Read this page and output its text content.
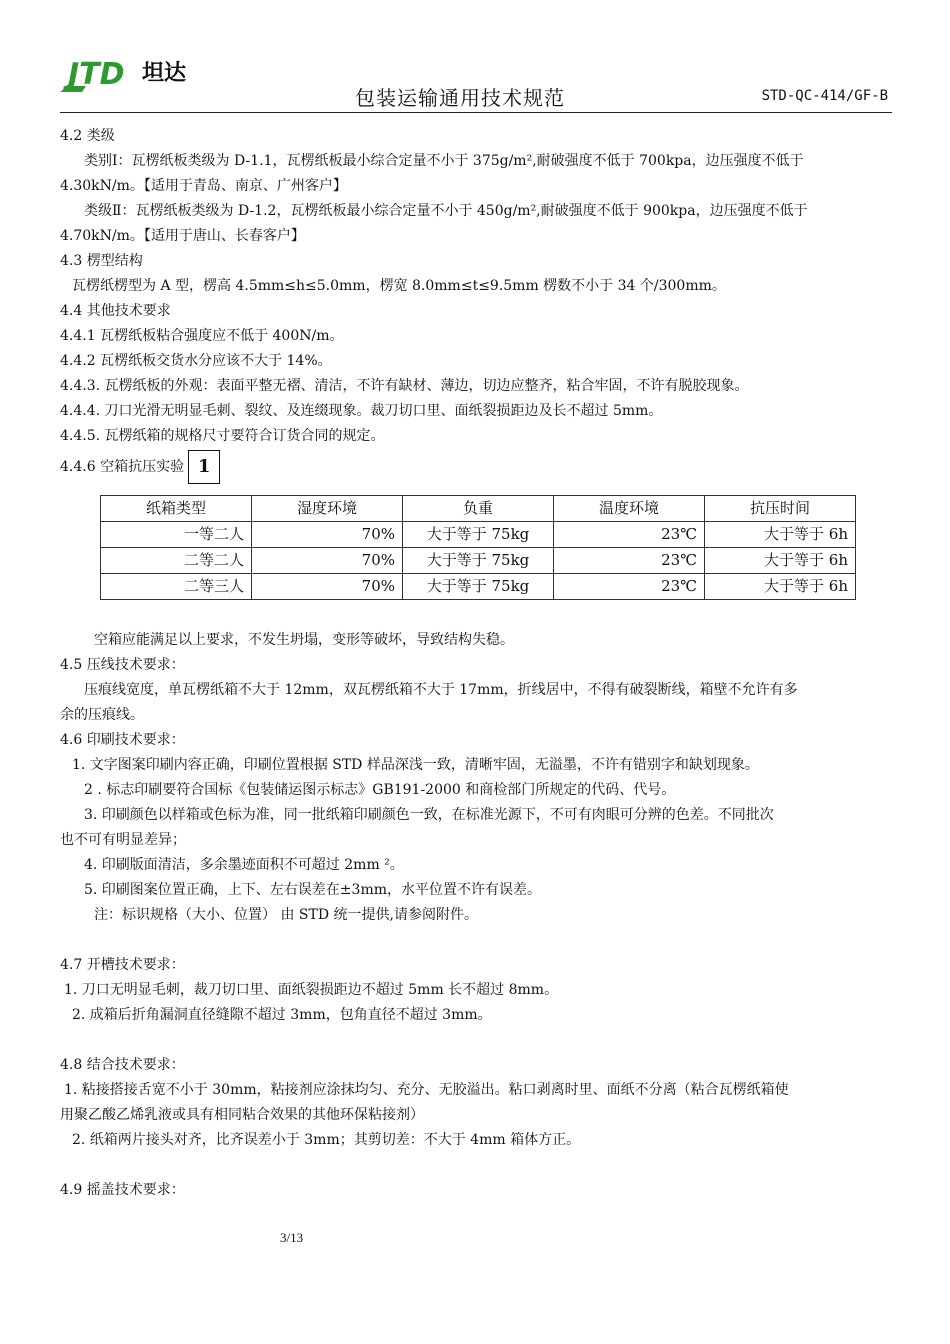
JTD 坦达
包装运输通用技术规范	STD-QC-414/GF-B

4.2 类级

类别Ⅰ：瓦楞纸板类级为 D-1.1，瓦楞纸板最小综合定量不小于 375g/m²,耐破强度不低于 700kpa，边压强度不低于

4.30kN/m。【适用于青岛、南京、广州客户】

类级Ⅱ：瓦楞纸板类级为 D-1.2，瓦楞纸板最小综合定量不小于 450g/m²,耐破强度不低于 900kpa，边压强度不低于

4.70kN/m。【适用于唐山、长春客户】

4.3 楞型结构

瓦楞纸楞型为 A 型，楞高 4.5mm≤h≤5.0mm，楞宽 8.0mm≤t≤9.5mm 楞数不小于 34 个/300mm。

4.4 其他技术要求

4.4.1 瓦楞纸板粘合强度应不低于 400N/m。

4.4.2 瓦楞纸板交货水分应该不大于 14%。

4.4.3. 瓦楞纸板的外观：表面平整无褶、清洁，不许有缺材、薄边，切边应整齐，粘合牢固，不许有脱胶现象。

4.4.4. 刀口光滑无明显毛刺、裂纹、及连缀现象。裁刀切口里、面纸裂损距边及长不超过 5mm。

4.4.5. 瓦楞纸箱的规格尺寸要符合订货合同的规定。

4.4.6 空箱抗压实验 1
纸箱类型	湿度环境	负重	温度环境	抗压时间
一等二人	70%	大于等于 75kg	23℃	大于等于 6h
二等二人	70%	大于等于 75kg	23℃	大于等于 6h
二等三人	70%	大于等于 75kg	23℃	大于等于 6h

空箱应能满足以上要求，不发生坍塌，变形等破坏，导致结构失稳。

4.5 压线技术要求：

压痕线宽度，单瓦楞纸箱不大于 12mm，双瓦楞纸箱不大于 17mm，折线居中，不得有破裂断线，箱壁不允许有多

余的压痕线。

4.6 印刷技术要求：

1. 文字图案印刷内容正确，印刷位置根据 STD 样品深浅一致，清晰牢固，无溢墨，不许有错别字和缺划现象。

2 . 标志印刷要符合国标《包装储运图示标志》GB191-2000 和商检部门所规定的代码、代号。

3. 印刷颜色以样箱或色标为准，同一批纸箱印刷颜色一致，在标准光源下，不可有肉眼可分辨的色差。不同批次

也不可有明显差异；

4. 印刷版面清洁，多余墨迹面积不可超过 2mm ²。

5. 印刷图案位置正确，上下、左右误差在±3mm，水平位置不许有误差。

注：标识规格（大小、位置） 由 STD 统一提供,请参阅附件。

4.7 开槽技术要求：

1. 刀口无明显毛刺，裁刀切口里、面纸裂损距边不超过 5mm 长不超过 8mm。

2. 成箱后折角漏洞直径缝隙不超过 3mm，包角直径不超过 3mm。

4.8 结合技术要求：

1. 粘接搭接舌宽不小于 30mm，粘接剂应涂抹均匀、充分、无胶溢出。粘口剥离时里、面纸不分离（粘合瓦楞纸箱使

用聚乙酸乙烯乳液或具有相同粘合效果的其他环保粘接剂）

2. 纸箱两片接头对齐，比齐误差小于 3mm；其剪切差：不大于 4mm 箱体方正。

4.9 摇盖技术要求：

3/13
